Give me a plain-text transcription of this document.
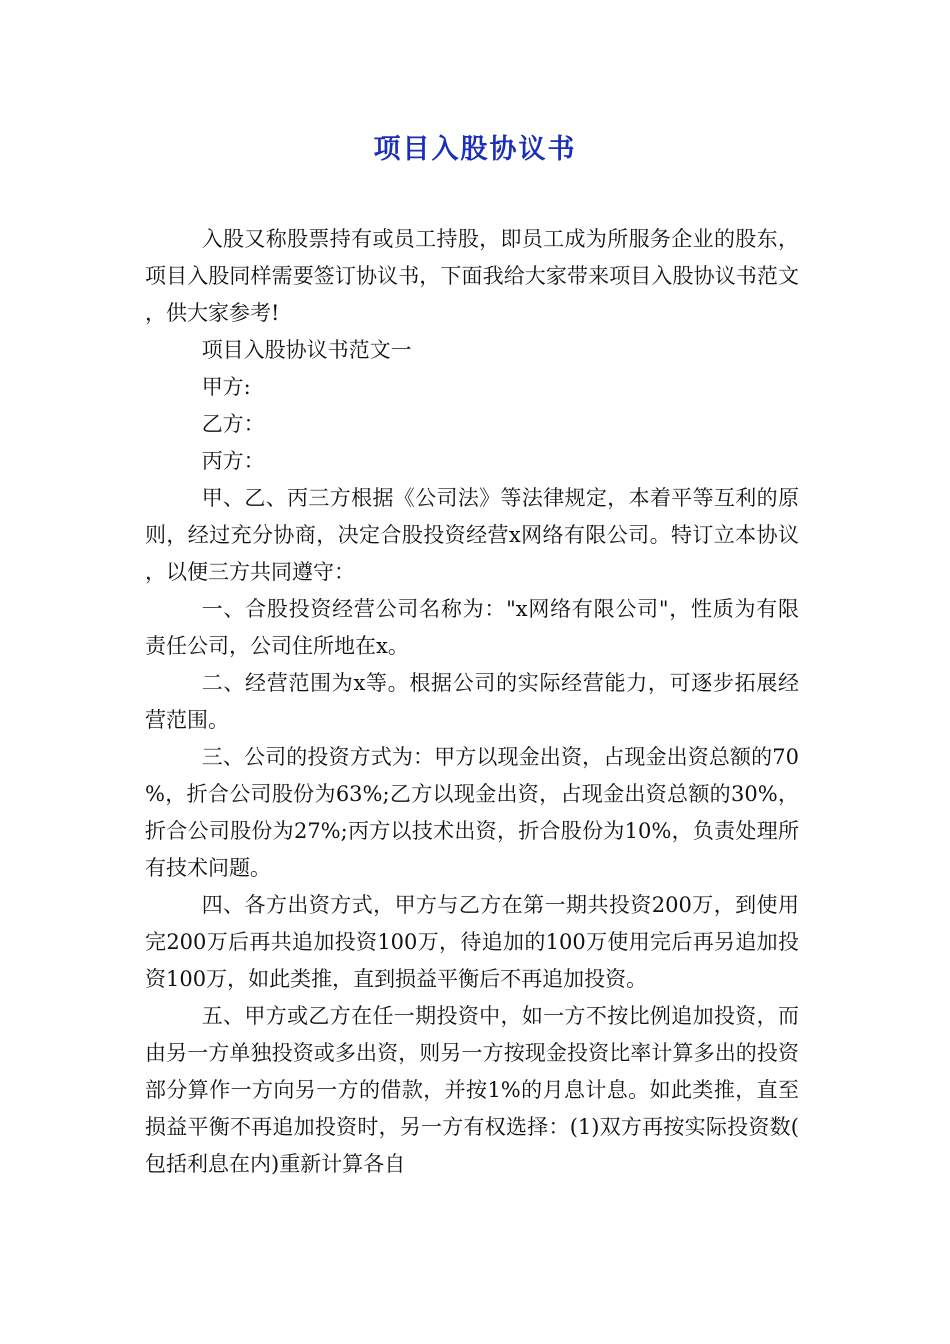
项目入股协议书

入股又称股票持有或员工持股，即员工成为所服务企业的股东，项目入股同样需要签订协议书，下面我给大家带来项目入股协议书范文，供大家参考!

项目入股协议书范文一

甲方:

乙方：

丙方：

甲、乙、丙三方根据《公司法》等法律规定，本着平等互利的原则，经过充分协商，决定合股投资经营x网络有限公司。特订立本协议，以便三方共同遵守：

一、合股投资经营公司名称为："x网络有限公司"，性质为有限责任公司，公司住所地在x。

二、经营范围为x等。根据公司的实际经营能力，可逐步拓展经营范围。

三、公司的投资方式为：甲方以现金出资，占现金出资总额的70%，折合公司股份为63%;乙方以现金出资，占现金出资总额的30%，折合公司股份为27%;丙方以技术出资，折合股份为10%，负责处理所有技术问题。

四、各方出资方式，甲方与乙方在第一期共投资200万，到使用完200万后再共追加投资100万，待追加的100万使用完后再另追加投资100万，如此类推，直到损益平衡后不再追加投资。

五、甲方或乙方在任一期投资中，如一方不按比例追加投资，而由另一方单独投资或多出资，则另一方按现金投资比率计算多出的投资部分算作一方向另一方的借款，并按1%的月息计息。如此类推，直至损益平衡不再追加投资时，另一方有权选择：(1)双方再按实际投资数(包括利息在内)重新计算各自
